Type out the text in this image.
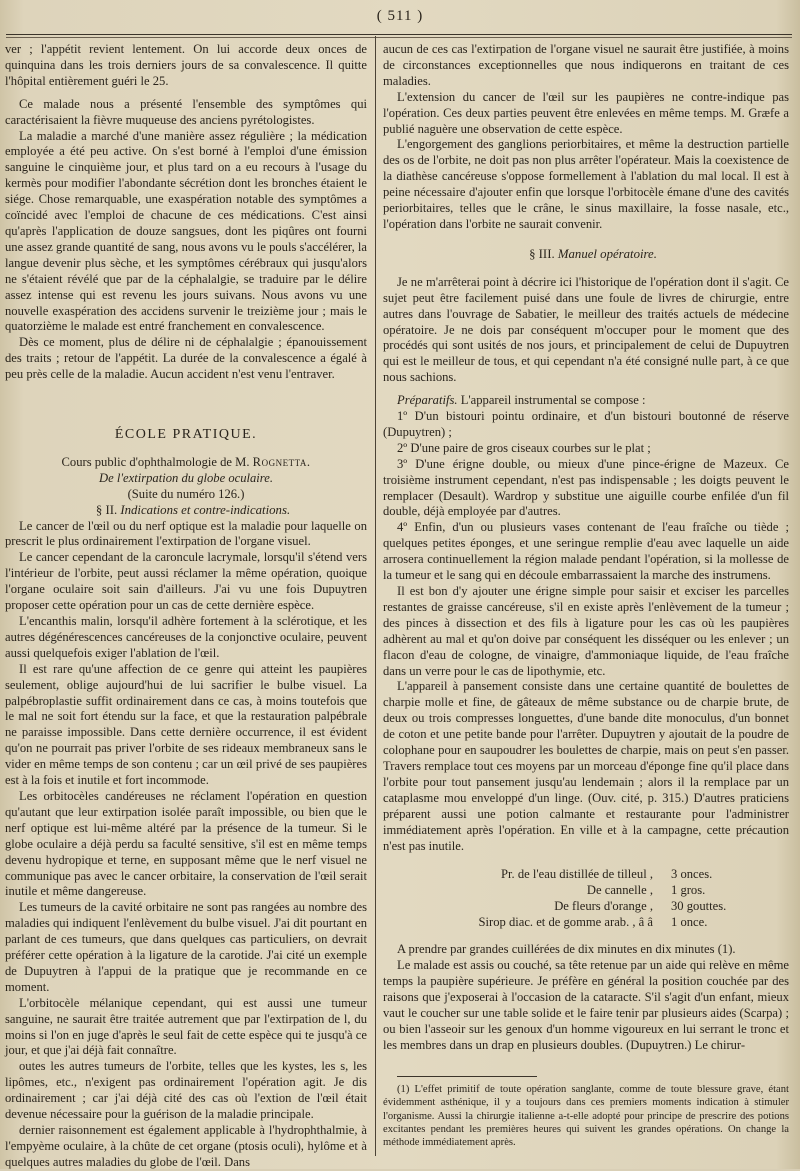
( 511 )

ver ; l'appétit revient lentement. On lui accorde deux onces de quinquina dans les trois derniers jours de sa convalescence. Il quitte l'hôpital entièrement guéri le 25.

Ce malade nous a présenté l'ensemble des symptômes qui caractérisaient la fièvre muqueuse des anciens pyrétologistes.

La maladie a marché d'une manière assez régulière ; la médication employée a été peu active. On s'est borné à l'emploi d'une émission sanguine le cinquième jour, et plus tard on a eu recours à l'usage du kermès pour modifier l'abondante sécrétion dont les bronches étaient le siége. Chose remarquable, une exaspération notable des symptômes a coïncidé avec l'emploi de chacune de ces médications. C'est ainsi qu'après l'application de douze sangsues, dont les piqûres ont fourni une assez grande quantité de sang, nous avons vu le pouls s'accélérer, la langue devenir plus sèche, et les symptômes cérébraux qui jusqu'alors ne s'étaient révélé que par de la céphalalgie, se traduire par le délire assez intense qui est revenu les jours suivans. Nous avons vu une nouvelle exaspération des accidens survenir le treizième jour ; mais le quatorzième le malade est entré franchement en convalescence.

Dès ce moment, plus de délire ni de céphalalgie ; épanouissement des traits ; retour de l'appétit. La durée de la convalescence a égalé à peu près celle de la maladie. Aucun accident n'est venu l'entraver.

ÉCOLE PRATIQUE.

Cours public d'ophthalmologie de M. Rognetta.

De l'extirpation du globe oculaire.

(Suite du numéro 126.)

§ II. Indications et contre-indications.

Le cancer de l'œil ou du nerf optique est la maladie pour laquelle on prescrit le plus ordinairement l'extirpation de l'organe visuel.

Le cancer cependant de la caroncule lacrymale, lorsqu'il s'étend vers l'intérieur de l'orbite, peut aussi réclamer la même opération, quoique l'organe oculaire soit sain d'ailleurs. J'ai vu une fois Dupuytren proposer cette opération pour un cas de cette dernière espèce.

L'encanthis malin, lorsqu'il adhère fortement à la sclérotique, et les autres dégénérescences cancéreuses de la conjonctive oculaire, peuvent aussi quelquefois exiger l'ablation de l'œil.

Il est rare qu'une affection de ce genre qui atteint les paupières seulement, oblige aujourd'hui de lui sacrifier le bulbe visuel. La palpébroplastie suffit ordinairement dans ce cas, à moins toutefois que le mal ne soit fort étendu sur la face, et que la restauration palpébrale ne paraisse impossible. Dans cette dernière occurrence, il est évident qu'on ne pourrait pas priver l'orbite de ses rideaux membraneux sans le vider en même temps de son contenu ; car un œil privé de ses paupières est à la fois et inutile et fort incommode.

Les orbitocèles candéreuses ne réclament l'opération en question qu'autant que leur extirpation isolée paraît impossible, ou bien que le nerf optique est lui-même altéré par la présence de la tumeur. Si le globe oculaire a déjà perdu sa faculté sensitive, s'il est en même temps devenu hydropique et terne, en supposant même que le nerf visuel ne communique pas avec le cancer orbitaire, la conservation de l'œil serait inutile et même dangereuse.

Les tumeurs de la cavité orbitaire ne sont pas rangées au nombre des maladies qui indiquent l'enlèvement du bulbe visuel. J'ai dit pourtant en parlant de ces tumeurs, que dans quelques cas particuliers, on devrait préférer cette opération à la ligature de la carotide. J'ai cité un exemple de Dupuytren à l'appui de la pratique que je recommande en ce moment.

L'orbitocèle mélanique cependant, qui est aussi une tumeur sanguine, ne saurait être traitée autrement que par l'extirpation de l, du moins si l'on en juge d'après le seul fait de cette espèce qui te jusqu'à ce jour, et que j'ai déjà fait connaître.

outes les autres tumeurs de l'orbite, telles que les kystes, les s, les lipômes, etc., n'exigent pas ordinairement l'opération agit. Je dis ordinairement ; car j'ai déjà cité des cas où l'extion de l'œil était devenue nécessaire pour la guérison de la maladie principale.

dernier raisonnement est également applicable à l'hydrophthalmie, à l'empyème oculaire, à la chûte de cet organe (ptosis oculi), hylôme et à quelques autres maladies du globe de l'œil. Dans

aucun de ces cas l'extirpation de l'organe visuel ne saurait être justifiée, à moins de circonstances exceptionnelles que nous indiquerons en traitant de ces maladies.

L'extension du cancer de l'œil sur les paupières ne contre-indique pas l'opération. Ces deux parties peuvent être enlevées en même temps. M. Græfe a publié naguère une observation de cette espèce.

L'engorgement des ganglions periorbitaires, et même la destruction partielle des os de l'orbite, ne doit pas non plus arrêter l'opérateur. Mais la coexistence de la diathèse cancéreuse s'oppose formellement à l'ablation du mal local. Il est à peine nécessaire d'ajouter enfin que lorsque l'orbitocèle émane d'une des cavités periorbitaires, telles que le crâne, le sinus maxillaire, la fosse nasale, etc., l'opération dans l'orbite ne saurait convenir.

§ III. Manuel opératoire.

Je ne m'arrêterai point à décrire ici l'historique de l'opération dont il s'agit. Ce sujet peut être facilement puisé dans une foule de livres de chirurgie, entre autres dans l'ouvrage de Sabatier, le meilleur des traités actuels de médecine opératoire. Je ne dois par conséquent m'occuper pour le moment que des procédés qui sont usités de nos jours, et principalement de celui de Dupuytren qui est le meilleur de tous, et qui cependant n'a été consigné nulle part, à ce que nous sachions.

Préparatifs. L'appareil instrumental se compose :

1º D'un bistouri pointu ordinaire, et d'un bistouri boutonné de réserve (Dupuytren) ;

2º D'une paire de gros ciseaux courbes sur le plat ;

3º D'une érigne double, ou mieux d'une pince-érigne de Mazeux. Ce troisième instrument cependant, n'est pas indispensable ; les doigts peuvent le remplacer (Desault). Wardrop y substitue une aiguille courbe enfilée d'un fil double, déjà employée par d'autres.

4º Enfin, d'un ou plusieurs vases contenant de l'eau fraîche ou tiède ; quelques petites éponges, et une seringue remplie d'eau avec laquelle un aide arrosera continuellement la région malade pendant l'opération, si la mollesse de la tumeur et le sang qui en découle embarrassaient la marche des instrumens.

Il est bon d'y ajouter une érigne simple pour saisir et exciser les parcelles restantes de graisse cancéreuse, s'il en existe après l'enlèvement de la tumeur ; des pinces à dissection et des fils à ligature pour les cas où les paupières adhèrent au mal et qu'on doive par conséquent les disséquer ou les enlever ; un flacon d'eau de cologne, de vinaigre, d'ammoniaque liquide, de l'eau fraîche dans un verre pour le cas de lipothymie, etc.

L'appareil à pansement consiste dans une certaine quantité de boulettes de charpie molle et fine, de gâteaux de même substance ou de charpie brute, de deux ou trois compresses longuettes, d'une bande dite monoculus, d'un bonnet de coton et une petite bande pour l'arrêter. Dupuytren y ajoutait de la poudre de colophane pour en saupoudrer les boulettes de charpie, mais on peut s'en passer. Travers remplace tout ces moyens par un morceau d'éponge fine qu'il place dans l'orbite pour tout pansement jusqu'au lendemain ; alors il la remplace par un cataplasme mou enveloppé d'un linge. (Ouv. cité, p. 315.) D'autres praticiens préparent aussi une potion calmante et restaurante pour l'administrer immédiatement après l'opération. En ville et à la campagne, cette précaution n'est pas inutile.

Pr. de l'eau distillée de tilleul ,	3 onces.
De cannelle ,	1 gros.
De fleurs d'orange ,	30 gouttes.
Sirop diac. et de gomme arab. , â â	1 once.

A prendre par grandes cuillérées de dix minutes en dix minutes (1).

Le malade est assis ou couché, sa tête retenue par un aide qui relève en même temps la paupière supérieure. Je préfère en général la position couchée par des raisons que j'exposerai à l'occasion de la cataracte. S'il s'agit d'un enfant, mieux vaut le coucher sur une table solide et le faire tenir par plusieurs aides (Scarpa) ; ou bien l'asseoir sur les genoux d'un homme vigoureux en lui serrant le tronc et les membres dans un drap en plusieurs doubles. (Dupuytren.) Le chirur-

(1) L'effet primitif de toute opération sanglante, comme de toute blessure grave, étant évidemment asthénique, il y a toujours dans ces premiers moments indication à stimuler l'organisme. Aussi la chirurgie italienne a-t-elle adopté pour principe de prescrire des potions excitantes pendant les premières heures qui suivent les grandes opérations. On change la méthode immédiatement après.
